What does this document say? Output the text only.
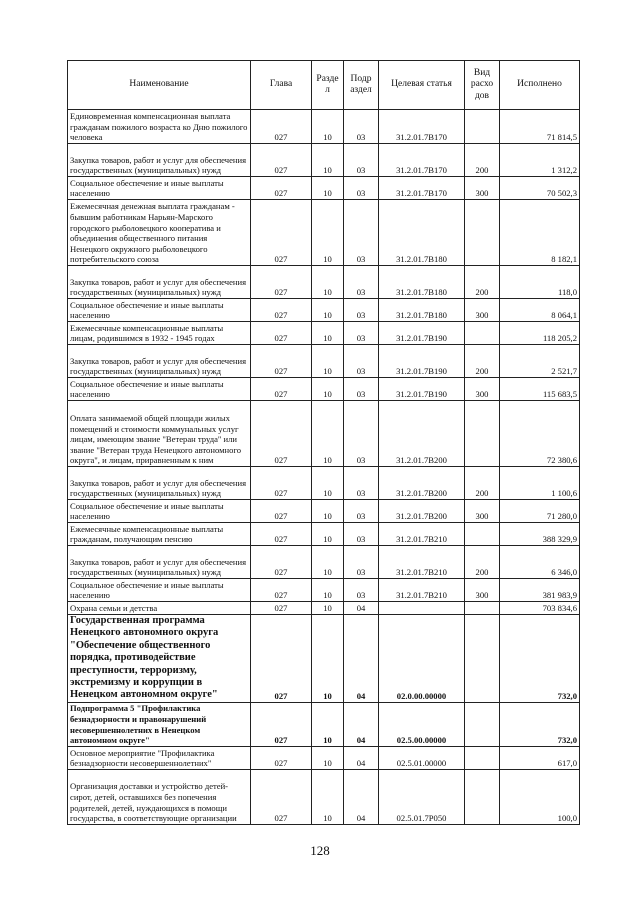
Наименование	Глава	Разде л	Подр аздел	Целевая статья	Вид расхо дов	Исполнено
Единовременная компенсационная выплата гражданам пожилого возраста ко Дню пожилого человека	027	10	03	31.2.01.7В170		71 814,5
Закупка товаров, работ и услуг для обеспечения государственных (муниципальных) нужд	027	10	03	31.2.01.7В170	200	1 312,2
Социальное обеспечение и иные выплаты населению	027	10	03	31.2.01.7В170	300	70 502,3
Ежемесячная денежная выплата гражданам - бывшим работникам Нарьян-Марского городского рыболовецкого кооператива и объединения общественного питания Ненецкого окружного рыболовецкого потребительского союза	027	10	03	31.2.01.7В180		8 182,1
Закупка товаров, работ и услуг для обеспечения государственных (муниципальных) нужд	027	10	03	31.2.01.7В180	200	118,0
Социальное обеспечение и иные выплаты населению	027	10	03	31.2.01.7В180	300	8 064,1
Ежемесячные компенсационные выплаты лицам, родившимся в 1932 - 1945 годах	027	10	03	31.2.01.7В190		118 205,2
Закупка товаров, работ и услуг для обеспечения государственных (муниципальных) нужд	027	10	03	31.2.01.7В190	200	2 521,7
Социальное обеспечение и иные выплаты населению	027	10	03	31.2.01.7В190	300	115 683,5
Оплата занимаемой общей площади жилых помещений и стоимости коммунальных услуг лицам, имеющим звание "Ветеран труда" или звание "Ветеран труда Ненецкого автономного округа", и лицам, приравненным к ним	027	10	03	31.2.01.7В200		72 380,6
Закупка товаров, работ и услуг для обеспечения государственных (муниципальных) нужд	027	10	03	31.2.01.7В200	200	1 100,6
Социальное обеспечение и иные выплаты населению	027	10	03	31.2.01.7В200	300	71 280,0
Ежемесячные компенсационные выплаты гражданам, получающим пенсию	027	10	03	31.2.01.7В210		388 329,9
Закупка товаров, работ и услуг для обеспечения государственных (муниципальных) нужд	027	10	03	31.2.01.7В210	200	6 346,0
Социальное обеспечение и иные выплаты населению	027	10	03	31.2.01.7В210	300	381 983,9
Охрана семьи и детства	027	10	04			703 834,6
Государственная программа Ненецкого автономного округа "Обеспечение общественного порядка, противодействие преступности, терроризму, экстремизму и коррупции в Ненецком автономном округе"	027	10	04	02.0.00.00000		732,0
Подпрограмма 5 "Профилактика безнадзорности и правонарушений несовершеннолетних в Ненецком автономном округе"	027	10	04	02.5.00.00000		732,0
Основное мероприятие "Профилактика безнадзорности несовершеннолетних"	027	10	04	02.5.01.00000		617,0
Организация доставки и устройство детей-сирот, детей, оставшихся без попечения родителей, детей, нуждающихся в помощи государства, в соответствующие организации	027	10	04	02.5.01.7Р050		100,0
128
